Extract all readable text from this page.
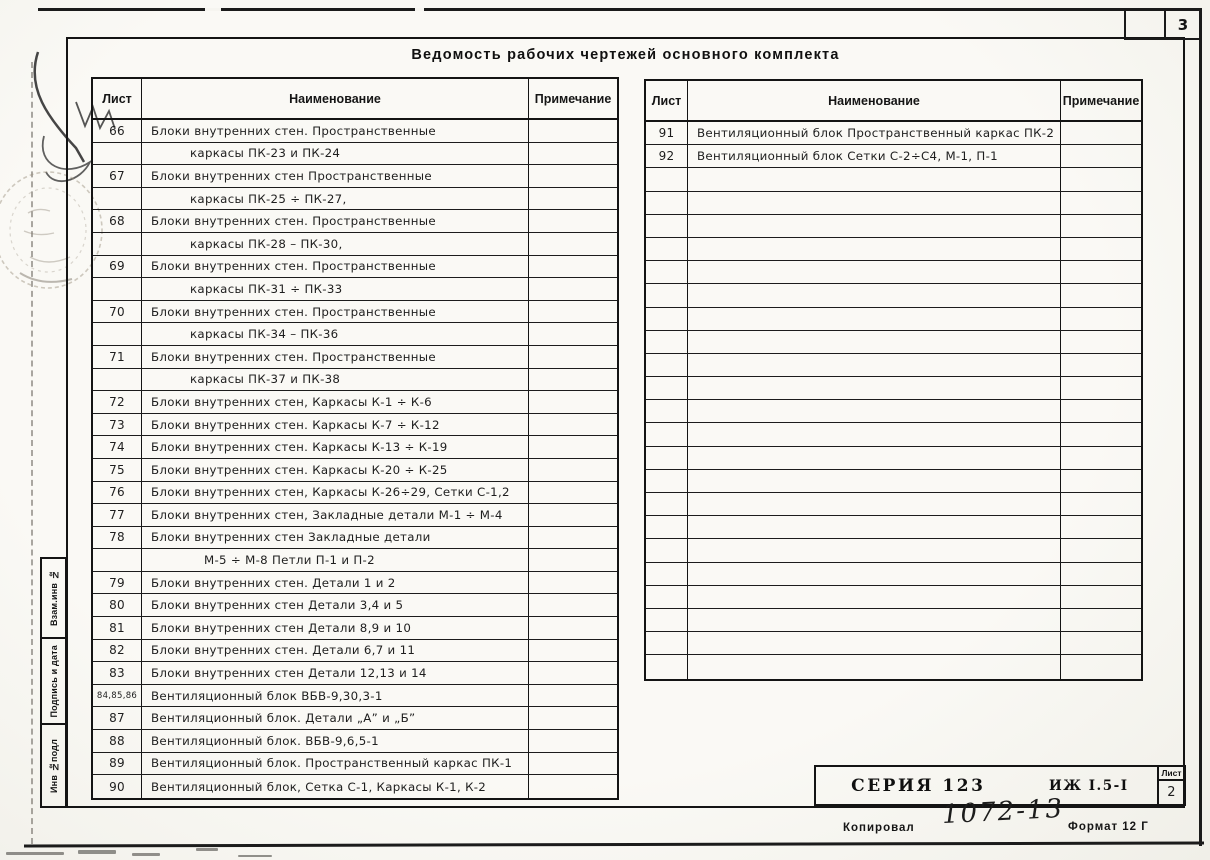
3
Ведомость рабочих чертежей основного комплекта
Лист	Наименование	Примечание
66	Блоки внутренних стен. Пространственные
каркасы ПК-23 и ПК-24
67	Блоки внутренних стен Пространственные
каркасы ПК-25 ÷ ПК-27,
68	Блоки внутренних стен. Пространственные
каркасы ПК-28 – ПК-30,
69	Блоки внутренних стен. Пространственные
каркасы ПК-31 ÷ ПК-33
70	Блоки внутренних стен. Пространственные
каркасы ПК-34 – ПК-36
71	Блоки внутренних стен. Пространственные
каркасы ПК-37 и ПК-38
72	Блоки внутренних стен, Каркасы К-1 ÷ К-6
73	Блоки внутренних стен. Каркасы К-7 ÷ К-12
74	Блоки внутренних стен. Каркасы К-13 ÷ К-19
75	Блоки внутренних стен. Каркасы К-20 ÷ К-25
76	Блоки внутренних стен, Каркасы К-26÷29, Сетки С-1,2
77	Блоки внутренних стен, Закладные детали М-1 ÷ М-4
78	Блоки внутренних стен Закладные детали
М-5 ÷ М-8 Петли П-1 и П-2
79	Блоки внутренних стен. Детали 1 и 2
80	Блоки внутренних стен Детали 3,4 и 5
81	Блоки внутренних стен Детали 8,9 и 10
82	Блоки внутренних стен. Детали 6,7 и 11
83	Блоки внутренних стен Детали 12,13 и 14
84,85,86	Вентиляционный блок ВБВ-9,30,3-1
87	Вентиляционный блок. Детали „А” и „Б”
88	Вентиляционный блок. ВБВ-9,6,5-1
89	Вентиляционный блок. Пространственный каркас ПК-1
90	Вентиляционный блок, Сетка С-1, Каркасы К-1, К-2
Лист	Наименование	Примечание
91	Вентиляционный блок Пространственный каркас ПК-2
92	Вентиляционный блок Сетки С-2÷С4, М-1, П-1
Взам.инв №
Подпись и дата
Инв №подл	СЕРИЯ 123	ИЖ I.5-I
Лист
2
Копировал 1072-13 Формат 12 Г
